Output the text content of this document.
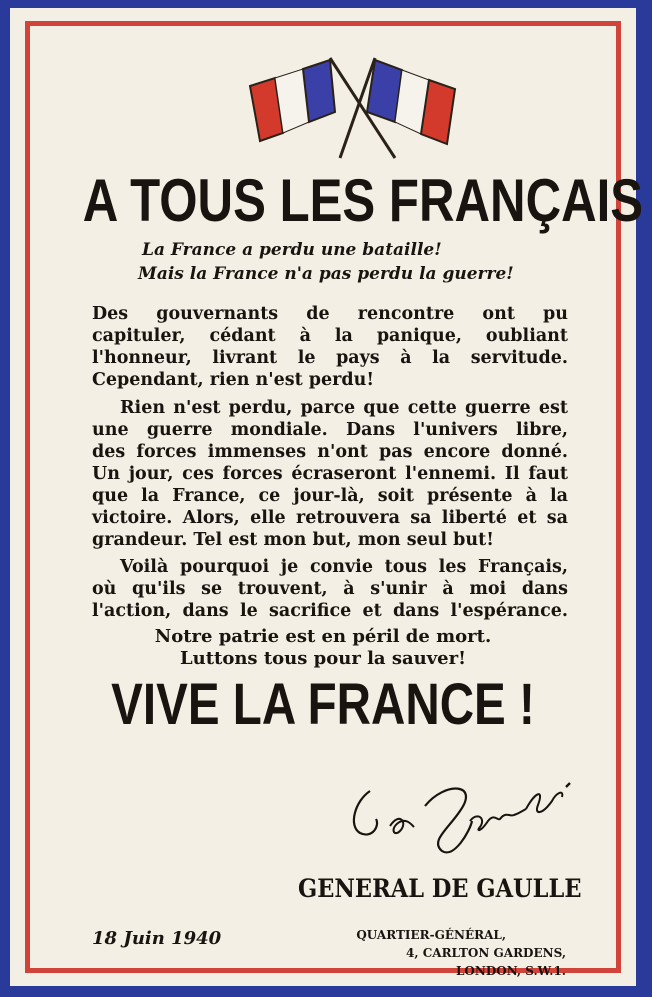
A TOUS LES FRANÇAIS

La France a perdu une bataille!
Mais la France n'a pas perdu la guerre!

Des gouvernants de rencontre ont pu
capituler, cédant à la panique, oubliant
l'honneur, livrant le pays à la servitude.
Cependant, rien n'est perdu!

Rien n'est perdu, parce que cette guerre est
une guerre mondiale. Dans l'univers libre,
des forces immenses n'ont pas encore donné.
Un jour, ces forces écraseront l'ennemi. Il faut
que la France, ce jour-là, soit présente à la
victoire. Alors, elle retrouvera sa liberté et sa
grandeur. Tel est mon but, mon seul but!

Voilà pourquoi je convie tous les Français,
où qu'ils se trouvent, à s'unir à moi dans
l'action, dans le sacrifice et dans l'espérance.

Notre patrie est en péril de mort.
Luttons tous pour la sauver!

VIVE LA FRANCE !

GENERAL DE GAULLE

18 Juin 1940	QUARTIER-GÉNÉRAL,
4, CARLTON GARDENS,
LONDON, S.W.1.
